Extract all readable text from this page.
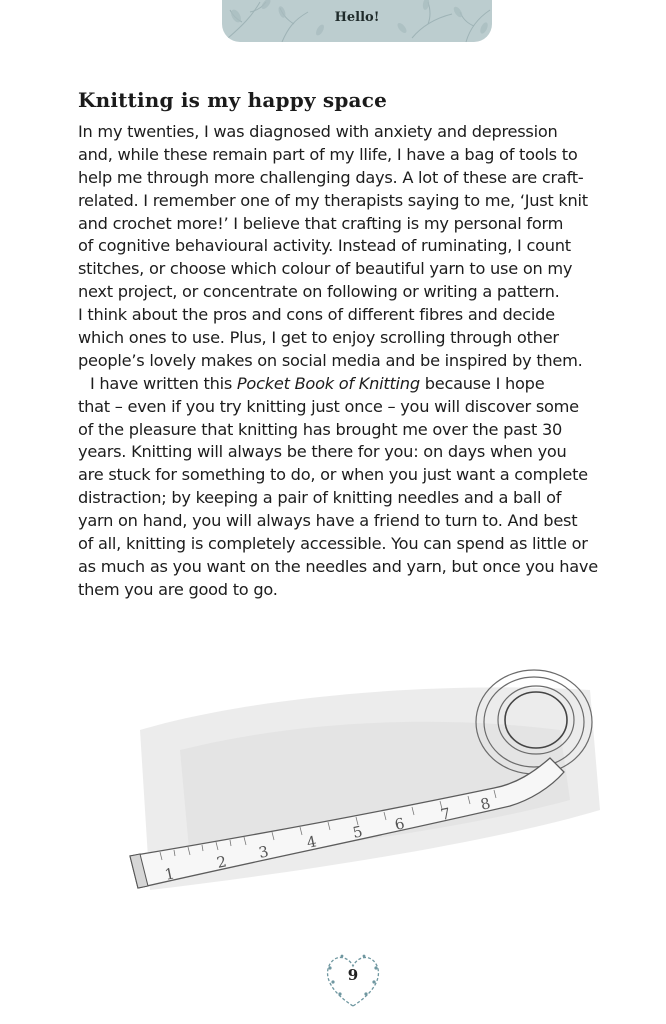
Hello!
Knitting is my happy space
In my twenties, I was diagnosed with anxiety and depression
and, while these remain part of my llife, I have a bag of tools to
help me through more challenging days. A lot of these are craft-
related. I remember one of my therapists saying to me, ‘Just knit
and crochet more!’ I believe that crafting is my personal form
of cognitive behavioural activity. Instead of ruminating, I count
stitches, or choose which colour of beautiful yarn to use on my
next project, or concentrate on following or writing a pattern.
I think about the pros and cons of different fibres and decide
which ones to use. Plus, I get to enjoy scrolling through other
people’s lovely makes on social media and be inspired by them.
I have written this Pocket Book of Knitting because I hope
that – even if you try knitting just once – you will discover some
of the pleasure that knitting has brought me over the past 30
years. Knitting will always be there for you: on days when you
are stuck for something to do, or when you just want a complete
distraction; by keeping a pair of knitting needles and a ball of
yarn on hand, you will always have a friend to turn to. And best
of all, knitting is completely accessible. You can spend as little or
as much as you want on the needles and yarn, but once you have
them you are good to go.
1
2
3
4
5 6
7
8
9
